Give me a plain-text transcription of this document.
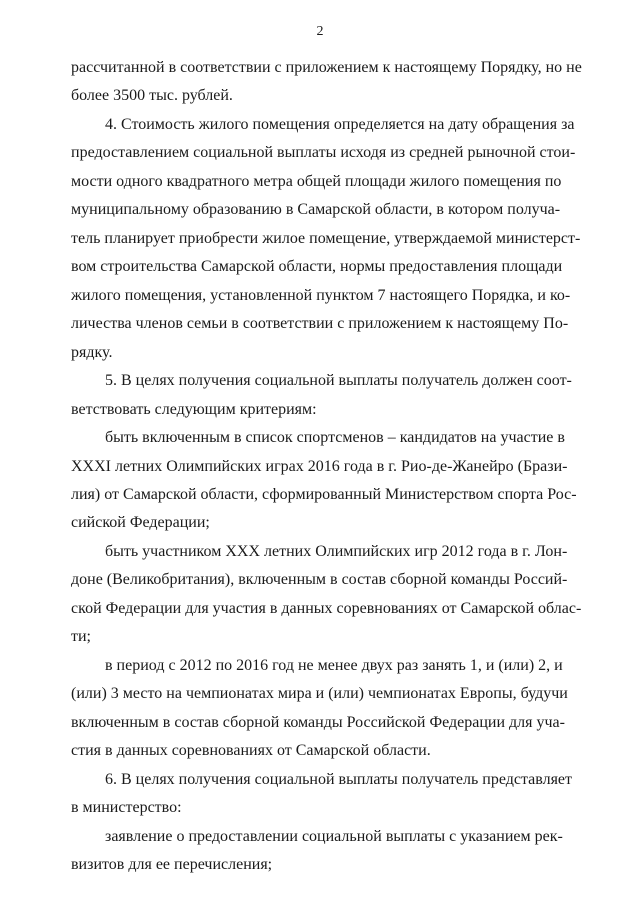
2
рассчитанной в соответствии с приложением к настоящему Порядку, но не
более 3500 тыс. рублей.
4. Стоимость жилого помещения определяется на дату обращения за
предоставлением социальной выплаты исходя из средней рыночной стои-
мости одного квадратного метра общей площади жилого помещения по
муниципальному образованию в Самарской области, в котором получа-
тель планирует приобрести жилое помещение, утверждаемой министерст-
вом строительства Самарской области, нормы предоставления площади
жилого помещения, установленной пунктом 7 настоящего Порядка, и ко-
личества членов семьи в соответствии с приложением к настоящему По-
рядку.
5. В целях получения социальной выплаты получатель должен соот-
ветствовать следующим критериям:
быть включенным в список спортсменов – кандидатов на участие в
XXXI летних Олимпийских играх 2016 года в г. Рио-де-Жанейро (Брази-
лия) от Самарской области, сформированный Министерством спорта Рос-
сийской Федерации;
быть участником XXX летних Олимпийских игр 2012 года в г. Лон-
доне (Великобритания), включенным в состав сборной команды Россий-
ской Федерации для участия в данных соревнованиях от Самарской облас-
ти;
в период с 2012 по 2016 год не менее двух раз занять 1, и (или) 2, и
(или) 3 место на чемпионатах мира и (или) чемпионатах Европы, будучи
включенным в состав сборной команды Российской Федерации для уча-
стия в данных соревнованиях от Самарской области.
6. В целях получения социальной выплаты получатель представляет
в министерство:
заявление о предоставлении социальной выплаты с указанием рек-
визитов для ее перечисления;
